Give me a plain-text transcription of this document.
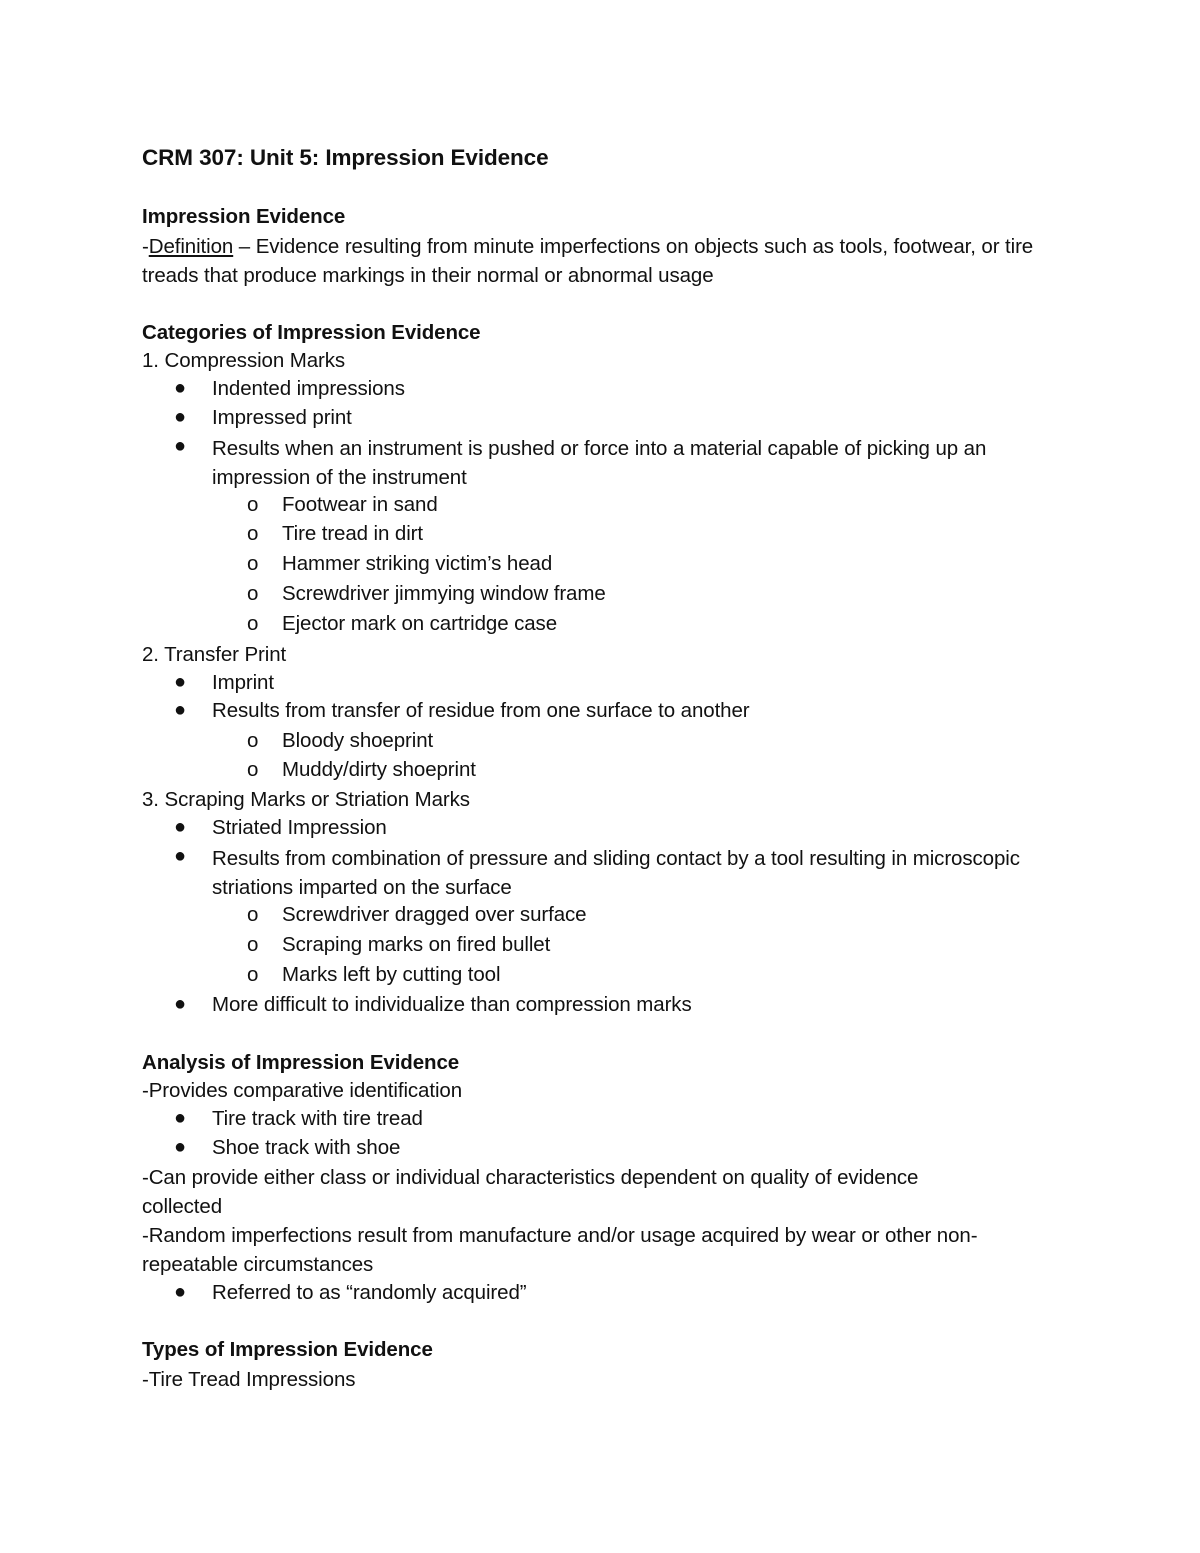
CRM 307: Unit 5: Impression Evidence
Impression Evidence
-Definition – Evidence resulting from minute imperfections on objects such as tools, footwear, or tire treads that produce markings in their normal or abnormal usage
Categories of Impression Evidence
1. Compression Marks
● Indented impressions
● Impressed print
● Results when an instrument is pushed or force into a material capable of picking up an impression of the instrument
o Footwear in sand
o Tire tread in dirt
o Hammer striking victim’s head
o Screwdriver jimmying window frame
o Ejector mark on cartridge case
2. Transfer Print
● Imprint
● Results from transfer of residue from one surface to another
o Bloody shoeprint
o Muddy/dirty shoeprint
3. Scraping Marks or Striation Marks
● Striated Impression
● Results from combination of pressure and sliding contact by a tool resulting in microscopic striations imparted on the surface
o Screwdriver dragged over surface
o Scraping marks on fired bullet
o Marks left by cutting tool
● More difficult to individualize than compression marks
Analysis of Impression Evidence
-Provides comparative identification
● Tire track with tire tread
● Shoe track with shoe
-Can provide either class or individual characteristics dependent on quality of evidence collected
-Random imperfections result from manufacture and/or usage acquired by wear or other non-repeatable circumstances
● Referred to as “randomly acquired”
Types of Impression Evidence
-Tire Tread Impressions
